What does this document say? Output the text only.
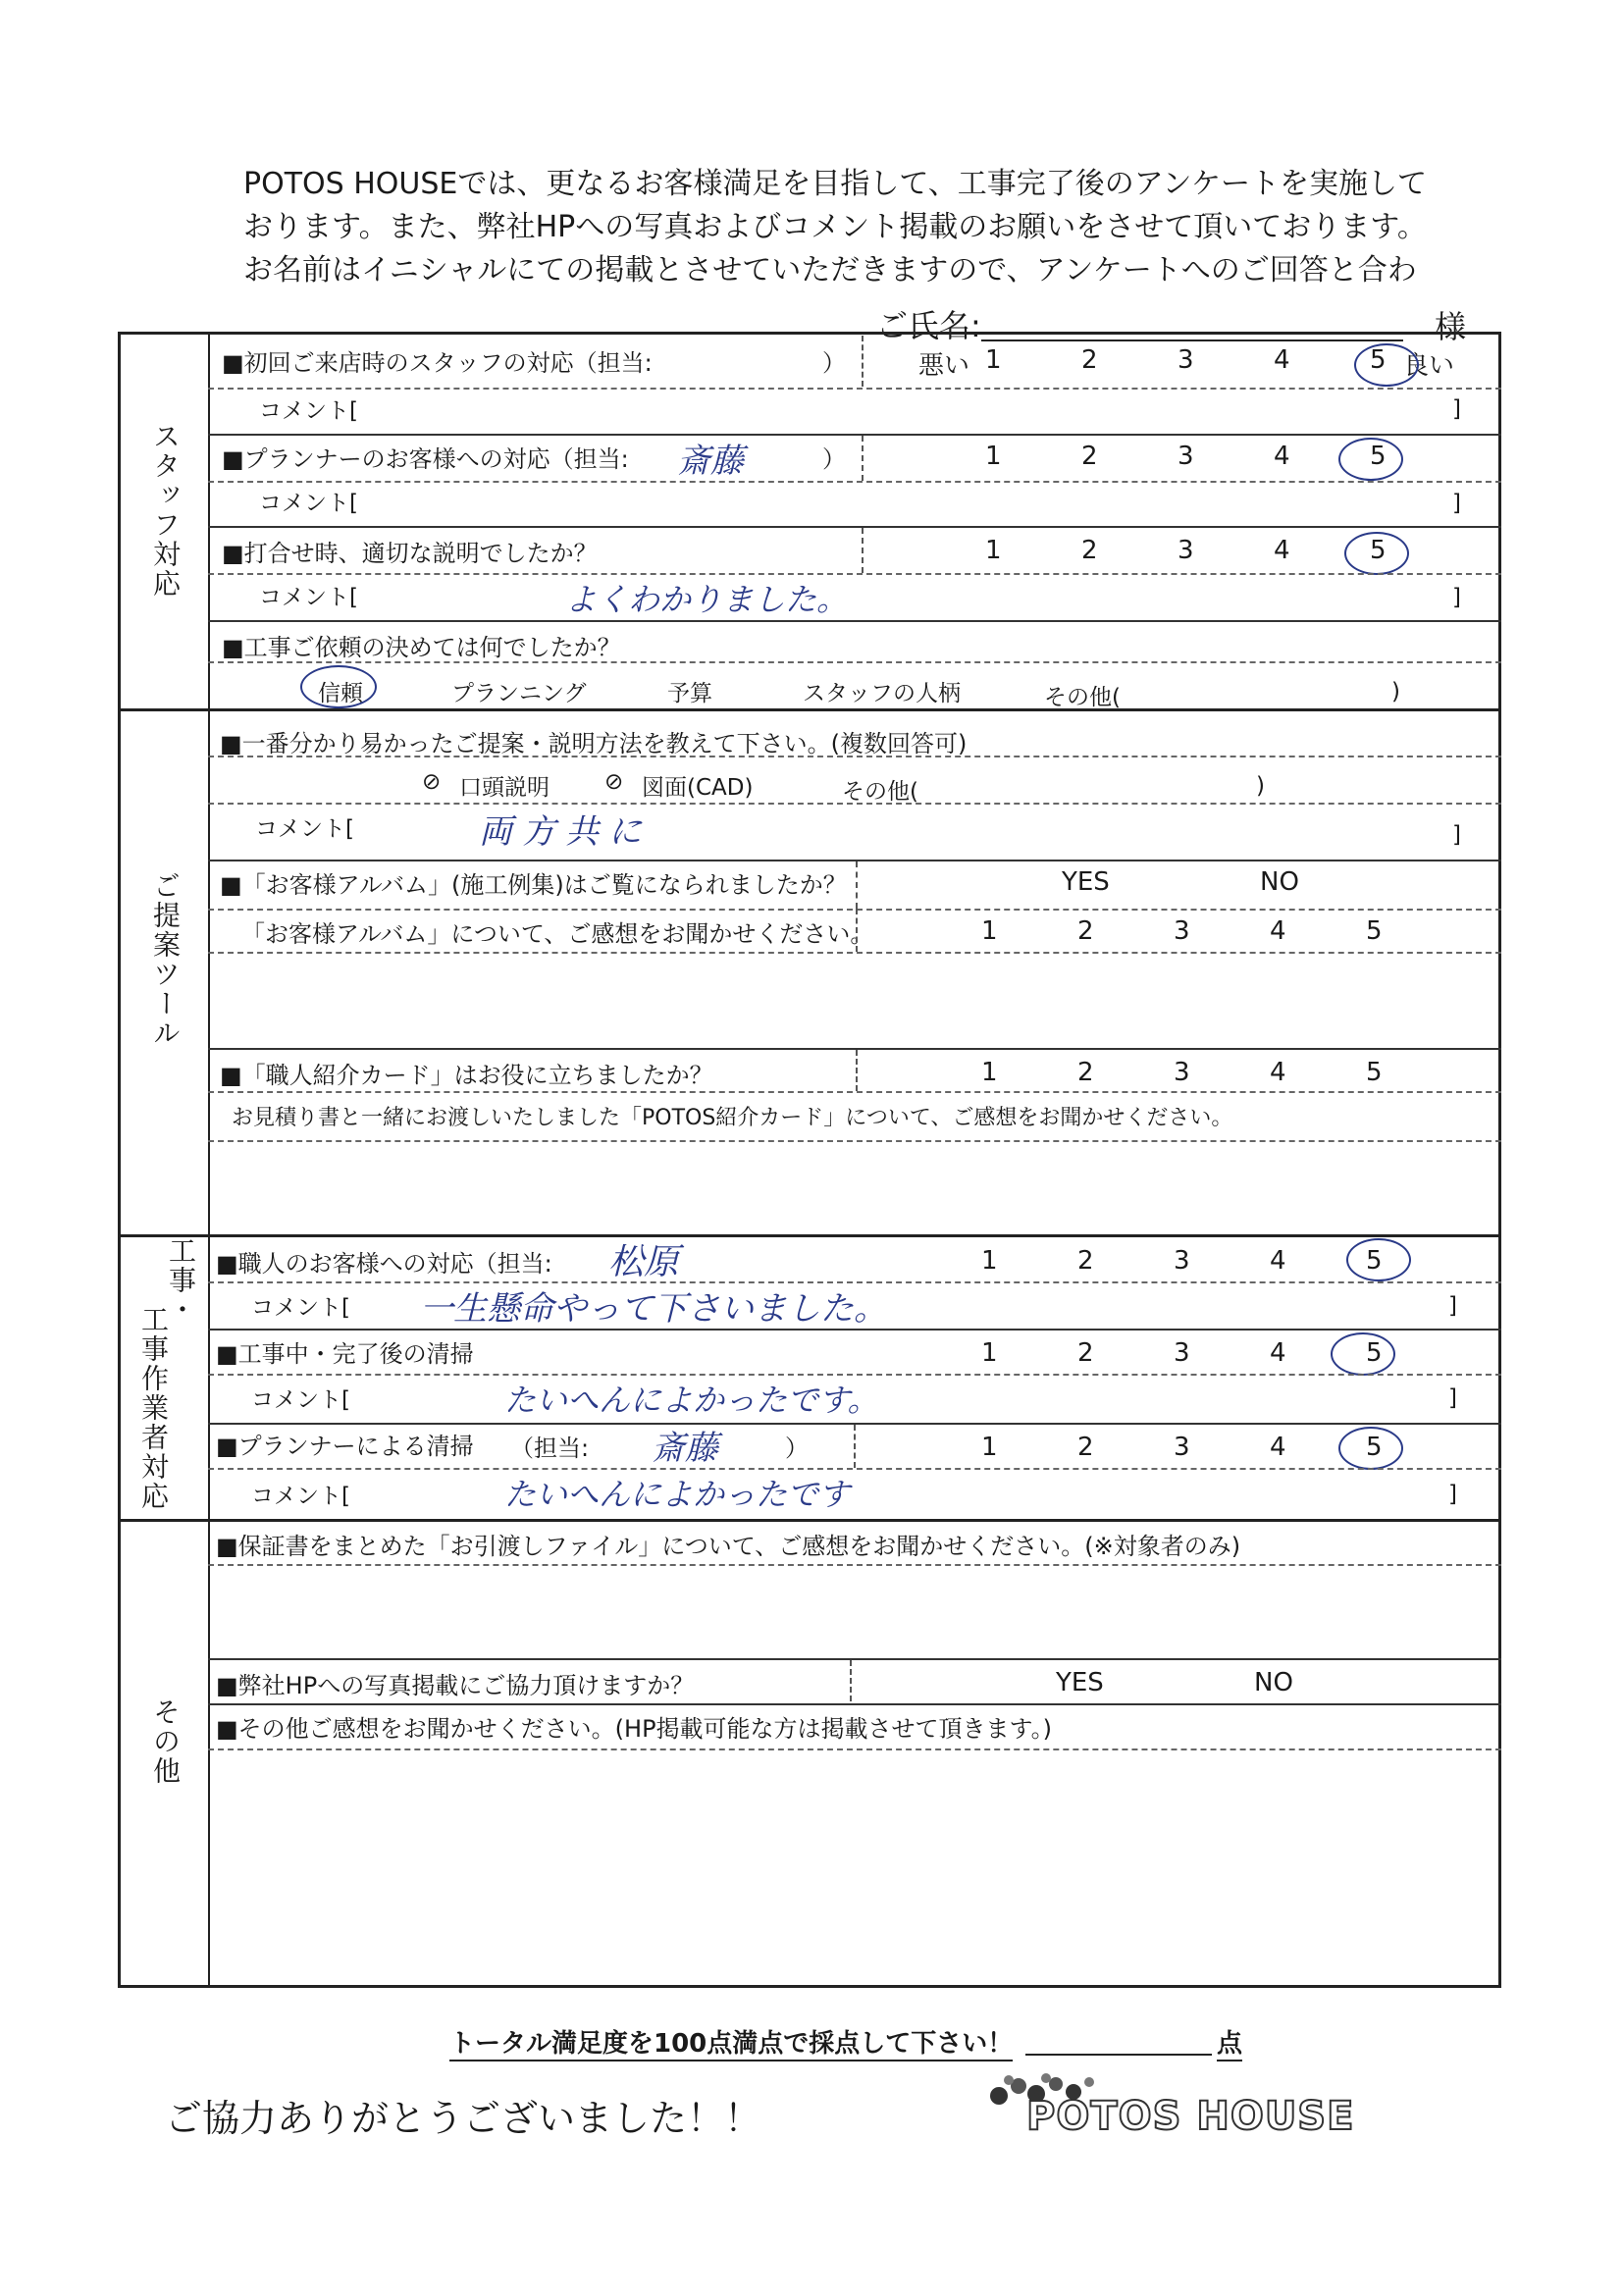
POTOS HOUSEでは、更なるお客様満足を目指して、工事完了後のアンケートを実施して
おります。また、弊社HPへの写真およびコメント掲載のお願いをさせて頂いております。
お名前はイニシャルにての掲載とさせていただきますので、アンケートへのご回答と合わ
ご氏名:	様
スタッフ対応
ご提案ツール
工事・
工事作業者対応
その他
■初回ご来店時のスタッフの対応（担当:	）	悪い 1	2	3	4	5 良い
コメント[	]
■プランナーのお客様への対応（担当: 斎藤	）	1	2	3	4	5
コメント[	]
■打合せ時、適切な説明でしたか？	1	2	3	4	5
コメント[	よくわかりました。	]
■工事ご依頼の決めては何でしたか？
信頼	プランニング	予算	スタッフの人柄	その他(	)
■一番分かり易かったご提案・説明方法を教えて下さい。(複数回答可)
⊘ 口頭説明 ⊘ 図面(CAD)	その他(	)
コメント[	両方共に	]
■「お客様アルバム」(施工例集)はご覧になられましたか？	YES	NO
「お客様アルバム」について、ご感想をお聞かせください。	1	2	3	4	5
■「職人紹介カード」はお役に立ちましたか？	1	2	3	4	5
お見積り書と一緒にお渡しいたしました「POTOS紹介カード」について、ご感想をお聞かせください。
■職人のお客様への対応（担当: 松原	1	2	3	4	5
コメント[ 一生懸命やって下さいました。	]
■工事中・完了後の清掃	1	2	3	4	5
コメント[	たいへんによかったです。	]
■プランナーによる清掃 （担当: 斎藤	）	1	2	3	4	5
コメント[	たいへんによかったです	]
■保証書をまとめた「お引渡しファイル」について、ご感想をお聞かせください。(※対象者のみ)
■弊社HPへの写真掲載にご協力頂けますか？	YES	NO
■その他ご感想をお聞かせください。(HP掲載可能な方は掲載させて頂きます。)
トータル満足度を100点満点で採点して下さい！	点
ご協力ありがとうございました！！	POTOS HOUSE
